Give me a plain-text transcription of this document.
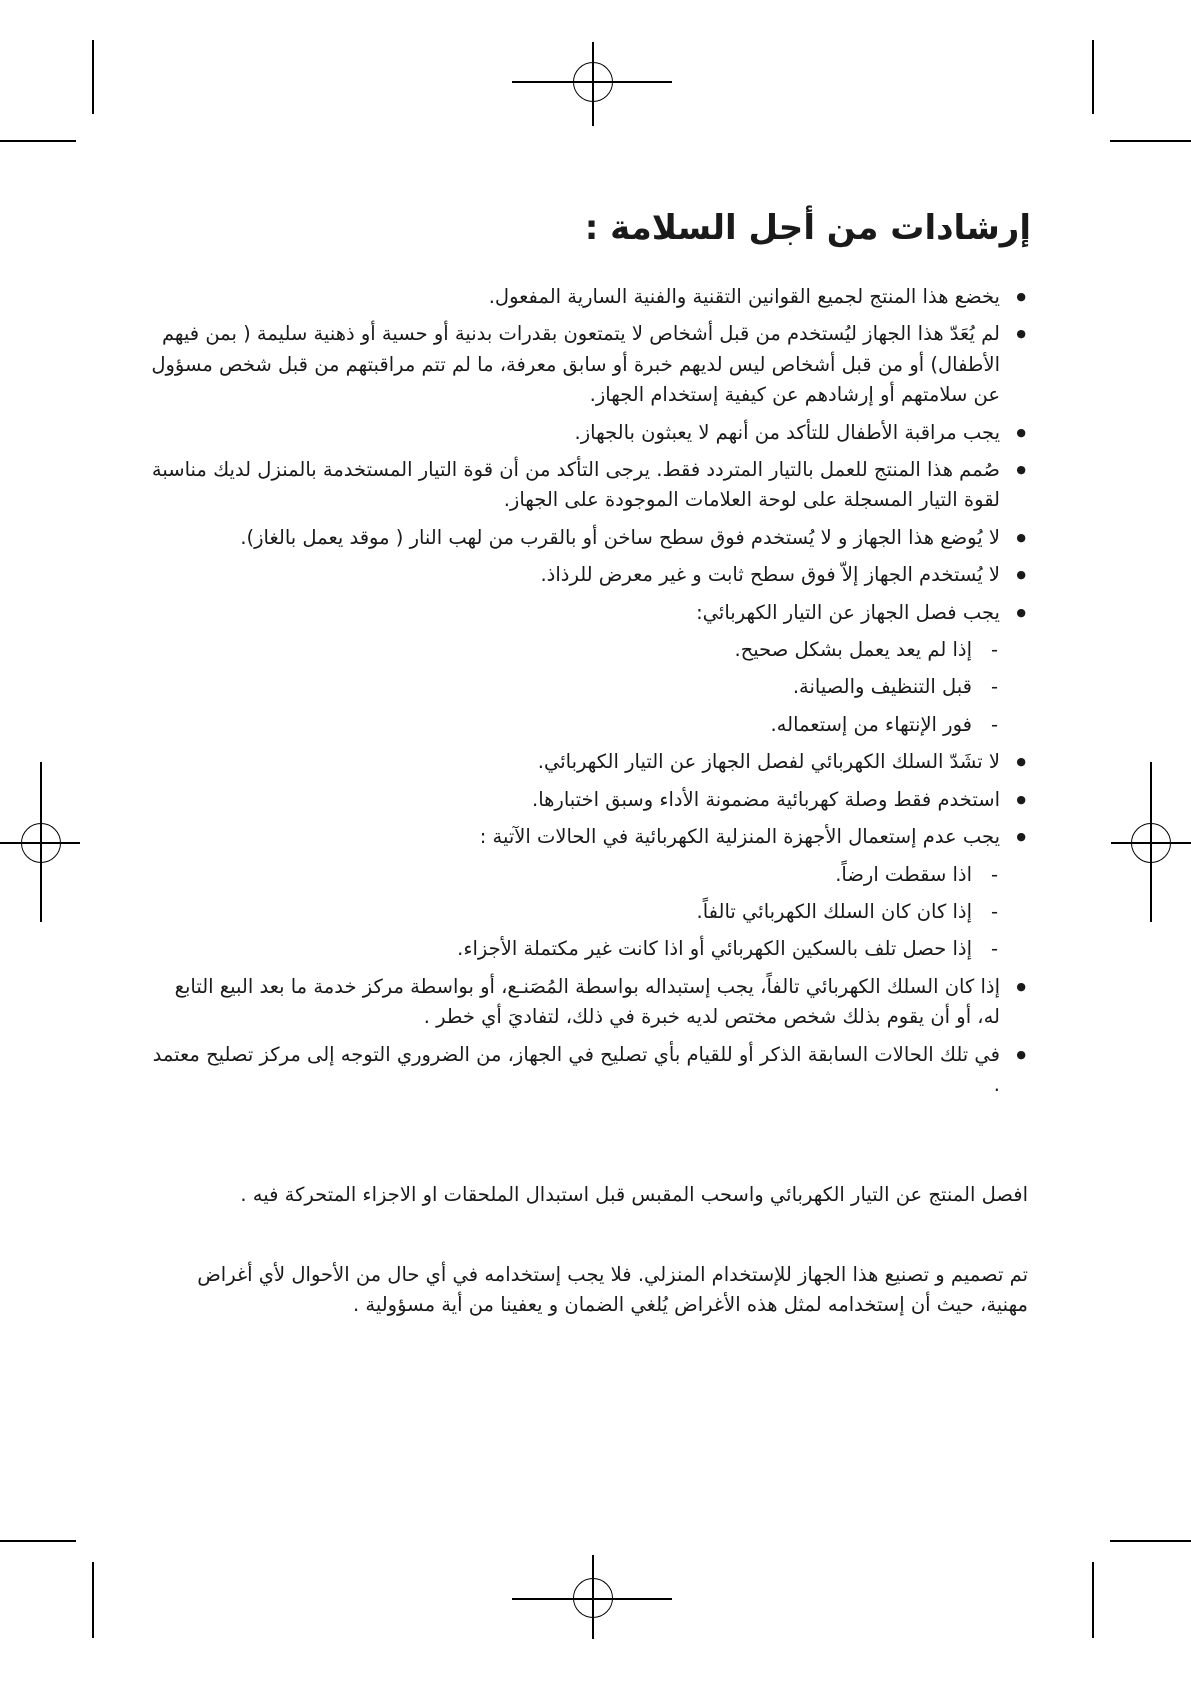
إرشادات من أجل السلامة :
● يخضع هذا المنتج لجميع القوانين التقنية والفنية السارية المفعول.
● لم يُعَدّ هذا الجهاز ليُستخدم من قبل أشخاص لا يتمتعون بقدرات بدنية أو حسية أو ذهنية سليمة ( بمن فيهم الأطفال) أو من قبل أشخاص ليس لديهم خبرة أو سابق معرفة، ما لم تتم مراقبتهم من قبل شخص مسؤول عن سلامتهم أو إرشادهم عن كيفية إستخدام الجهاز.
● يجب مراقبة الأطفال للتأكد من أنهم لا يعبثون بالجهاز.
● صُمم هذا المنتج للعمل بالتيار المتردد فقط. يرجى التأكد من أن قوة التيار المستخدمة بالمنزل لديك مناسبة لقوة التيار المسجلة على لوحة العلامات الموجودة على الجهاز.
● لا يُوضع هذا الجهاز و لا يُستخدم فوق سطح ساخن أو بالقرب من لهب النار ( موقد يعمل بالغاز).
● لا يُستخدم الجهاز إلاّ فوق سطح ثابت و غير معرض للرذاذ.
● يجب فصل الجهاز عن التيار الكهربائي:
- إذا لم يعد يعمل بشكل صحيح.
- قبل التنظيف والصيانة.
- فور الإنتهاء من إستعماله.
● لا تشَدّ السلك الكهربائي لفصل الجهاز عن التيار الكهربائي.
● استخدم فقط وصلة كهربائية مضمونة الأداء وسبق اختبارها.
● يجب عدم إستعمال الأجهزة المنزلية الكهربائية في الحالات الآتية :
- اذا سقطت ارضاً.
- إذا كان كان السلك الكهربائي تالفاً.
- إذا حصل تلف بالسكين الكهربائي أو اذا كانت غير مكتملة الأجزاء.
● إذا كان السلك الكهربائي تالفاً، يجب إستبداله بواسطة المُصَنـع، أو بواسطة مركز خدمة ما بعد البيع التابع له، أو أن يقوم بذلك شخص مختص لديه خبرة في ذلك، لتفاديَ أي خطر .
● في تلك الحالات السابقة الذكر أو للقيام بأي تصليح في الجهاز، من الضروري التوجه إلى مركز تصليح معتمد .

افصل المنتج عن التيار الكهربائي واسحب المقبس قبل استبدال الملحقات او الاجزاء المتحركة فيه .

تم تصميم و تصنيع هذا الجهاز للإستخدام المنزلي. فلا يجب إستخدامه في أي حال من الأحوال لأي أغراض مهنية، حيث أن إستخدامه لمثل هذه الأغراض يُلغي الضمان و يعفينا من أية مسؤولية .
